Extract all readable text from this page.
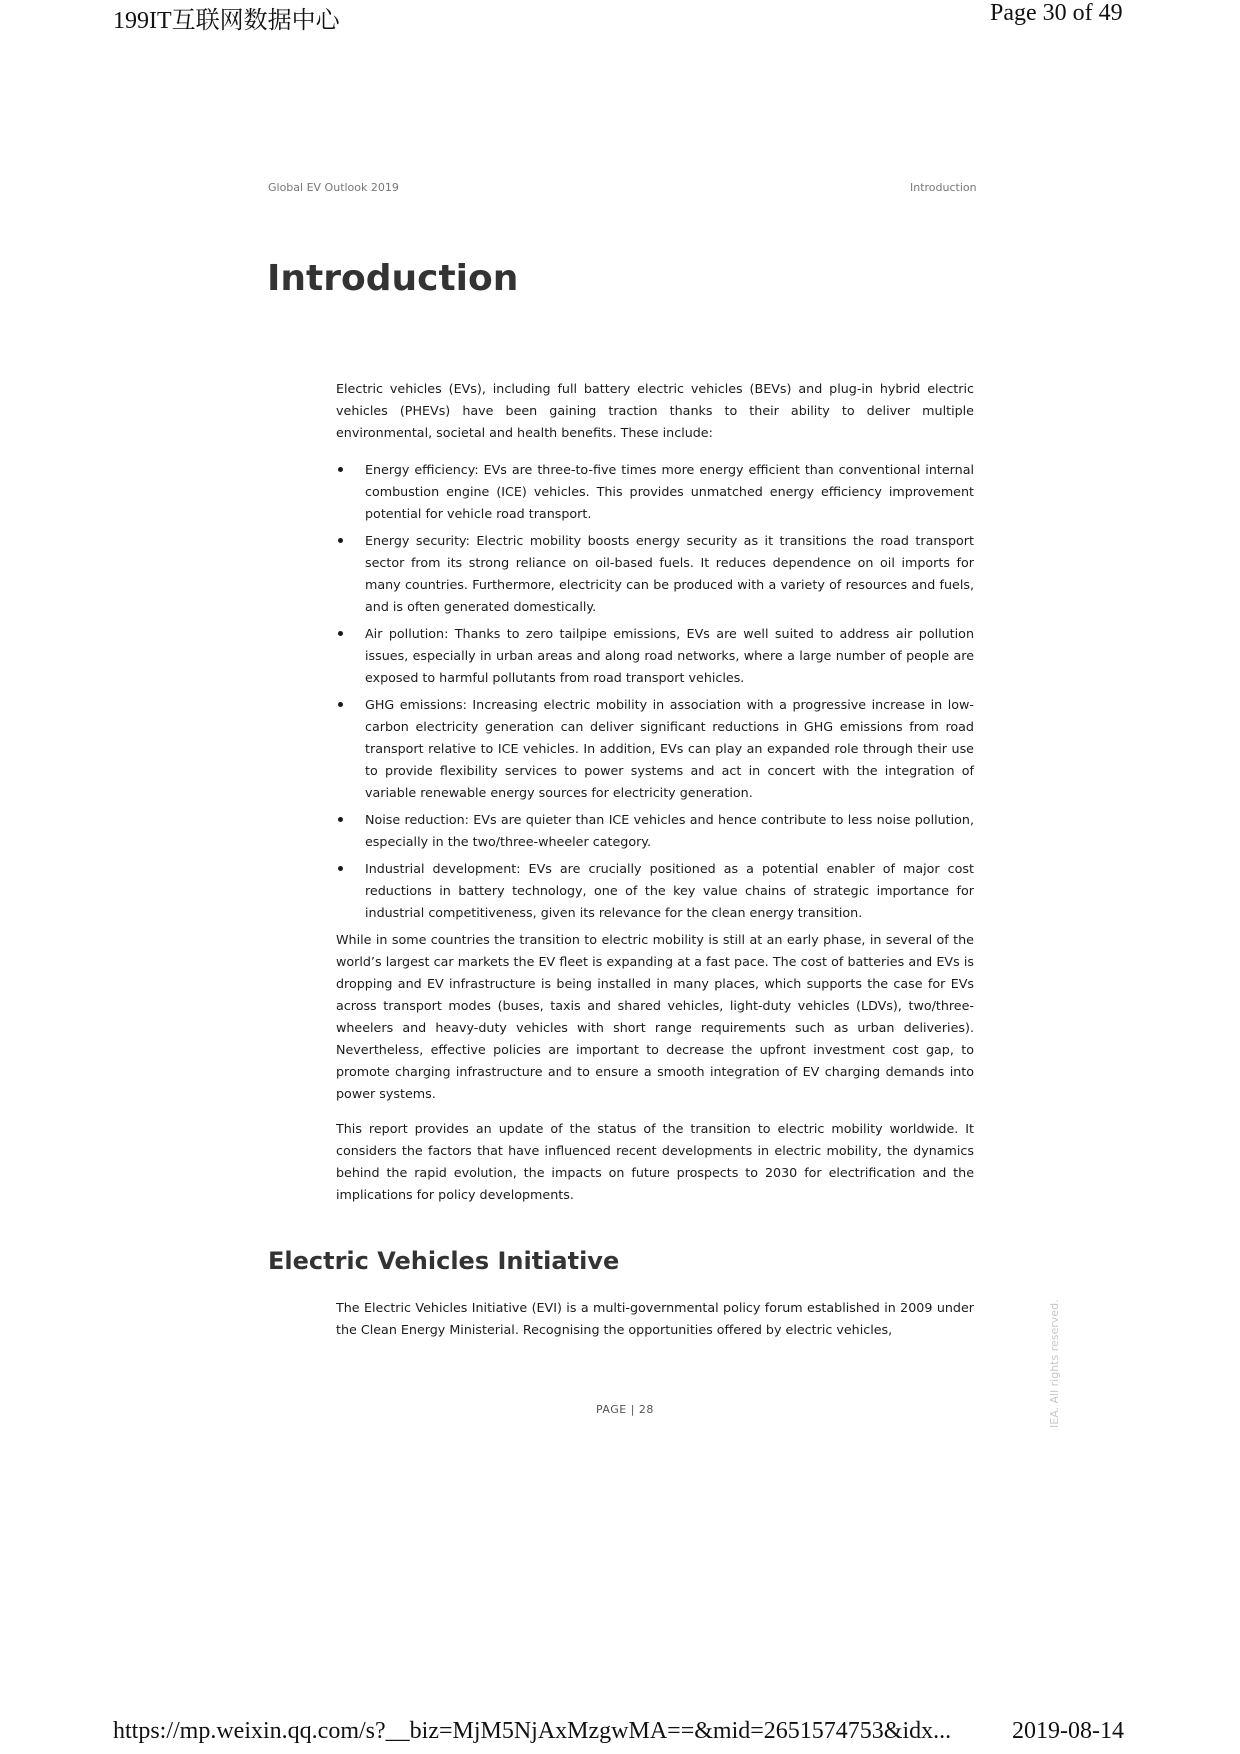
199IT互联网数据中心	Page 30 of 49
Global EV Outlook 2019	Introduction
Introduction

Electric vehicles (EVs), including full battery electric vehicles (BEVs) and plug-in hybrid electric vehicles (PHEVs) have been gaining traction thanks to their ability to deliver multiple environmental, societal and health benefits. These include:

Energy efficiency: EVs are three-to-five times more energy efficient than conventional internal combustion engine (ICE) vehicles. This provides unmatched energy efficiency improvement potential for vehicle road transport.
Energy security: Electric mobility boosts energy security as it transitions the road transport sector from its strong reliance on oil-based fuels. It reduces dependence on oil imports for many countries. Furthermore, electricity can be produced with a variety of resources and fuels, and is often generated domestically.
Air pollution: Thanks to zero tailpipe emissions, EVs are well suited to address air pollution issues, especially in urban areas and along road networks, where a large number of people are exposed to harmful pollutants from road transport vehicles.
GHG emissions: Increasing electric mobility in association with a progressive increase in low-carbon electricity generation can deliver significant reductions in GHG emissions from road transport relative to ICE vehicles. In addition, EVs can play an expanded role through their use to provide flexibility services to power systems and act in concert with the integration of variable renewable energy sources for electricity generation.
Noise reduction: EVs are quieter than ICE vehicles and hence contribute to less noise pollution, especially in the two/three-wheeler category.
Industrial development: EVs are crucially positioned as a potential enabler of major cost reductions in battery technology, one of the key value chains of strategic importance for industrial competitiveness, given its relevance for the clean energy transition.

While in some countries the transition to electric mobility is still at an early phase, in several of the world’s largest car markets the EV fleet is expanding at a fast pace. The cost of batteries and EVs is dropping and EV infrastructure is being installed in many places, which supports the case for EVs across transport modes (buses, taxis and shared vehicles, light-duty vehicles (LDVs), two/three-wheelers and heavy-duty vehicles with short range requirements such as urban deliveries). Nevertheless, effective policies are important to decrease the upfront investment cost gap, to promote charging infrastructure and to ensure a smooth integration of EV charging demands into power systems.

This report provides an update of the status of the transition to electric mobility worldwide. It considers the factors that have influenced recent developments in electric mobility, the dynamics behind the rapid evolution, the impacts on future prospects to 2030 for electrification and the implications for policy developments.

Electric Vehicles Initiative

The Electric Vehicles Initiative (EVI) is a multi-governmental policy forum established in 2009 under the Clean Energy Ministerial. Recognising the opportunities offered by electric vehicles,

PAGE | 28	IEA. All rights reserved.
https://mp.weixin.qq.com/s?__biz=MjM5NjAxMzgwMA==&mid=2651574753&idx...	2019-08-14
